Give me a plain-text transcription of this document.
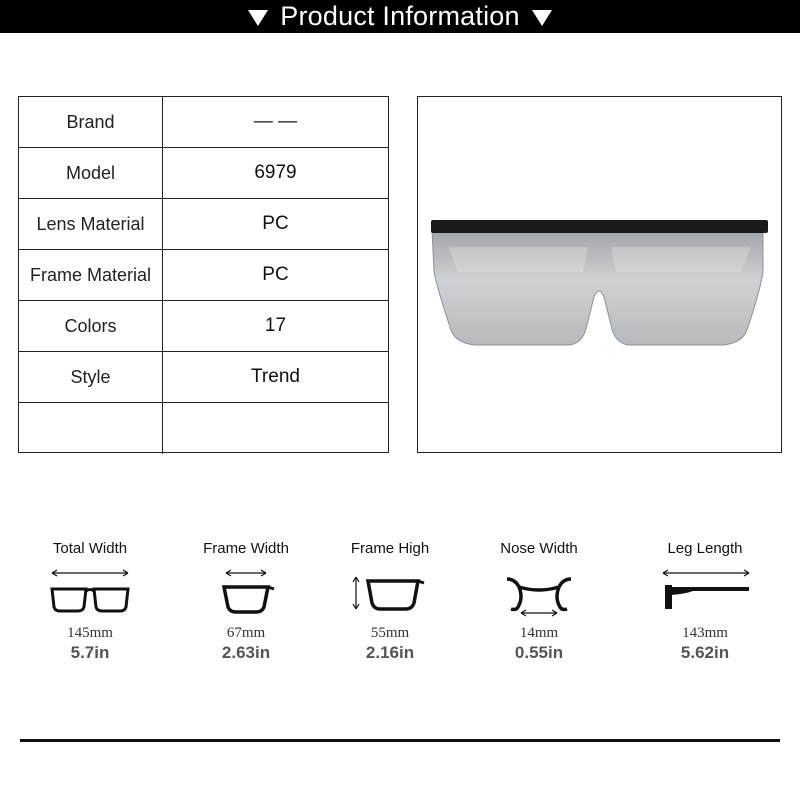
Product Information
Brand	— —
Model	6979
Lens Material	PC
Frame Material	PC
Colors	17
Style	Trend
Total Width
145mm
5.7in
Frame Width
67mm
2.63in
Frame High
55mm
2.16in
Nose Width
14mm
0.55in
Leg Length
143mm
5.62in
